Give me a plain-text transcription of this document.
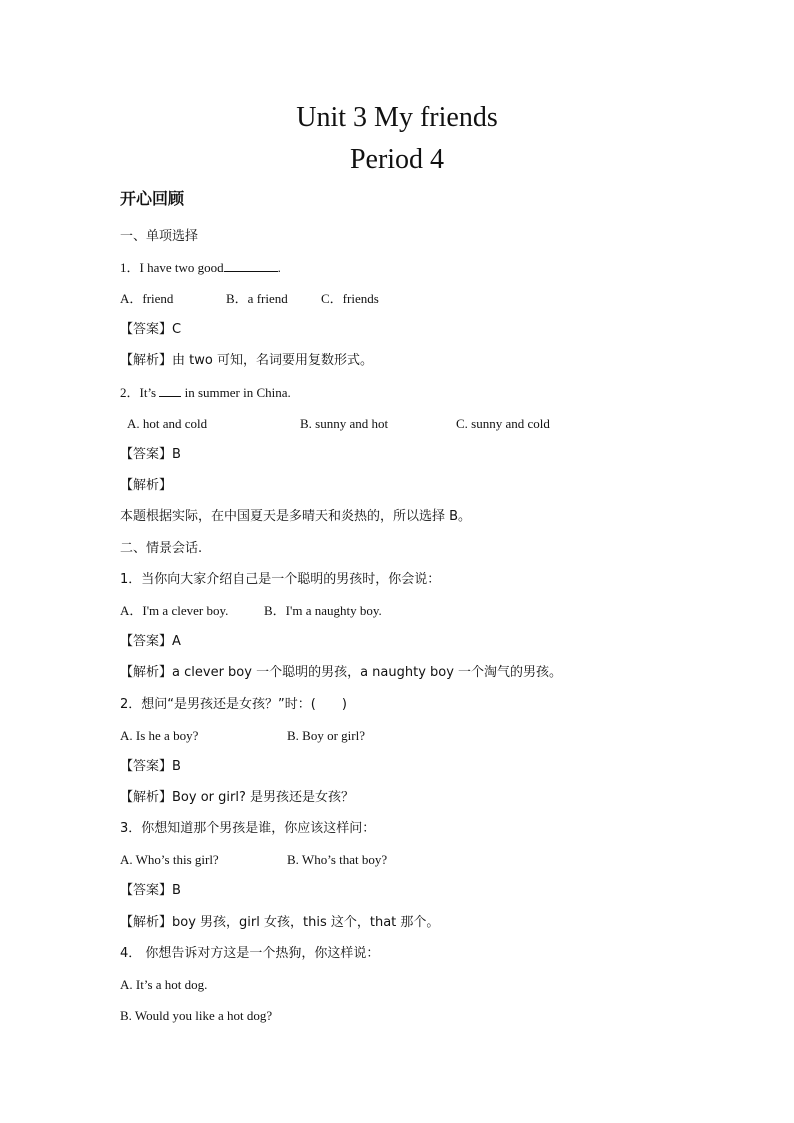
Unit 3 My friends
Period 4
开心回顾
一、单项选择
1．I have two good	.
A．friend	B．a friend	C．friends
【答案】C
【解析】由 two 可知，名词要用复数形式。
2．It’s in summer in China.
A. hot and cold	B. sunny and hot	C. sunny and cold
【答案】B
【解析】
本题根据实际，在中国夏天是多晴天和炎热的，所以选择 B。
二、情景会话.
1．当你向大家介绍自己是一个聪明的男孩时，你会说：
A．I'm a clever boy.	B．I'm a naughty boy.
【答案】A
【解析】a clever boy 一个聪明的男孩，a naughty boy 一个淘气的男孩。
2．想问“是男孩还是女孩？”时：(　　)
A. Is he a boy?	B. Boy or girl?
【答案】B
【解析】Boy or girl? 是男孩还是女孩？
3．你想知道那个男孩是谁，你应该这样问：
A. Who’s this girl?	B. Who’s that boy?
【答案】B
【解析】boy 男孩，girl 女孩，this 这个，that 那个。
4． 你想告诉对方这是一个热狗，你这样说：
A. It’s a hot dog.
B. Would you like a hot dog?
